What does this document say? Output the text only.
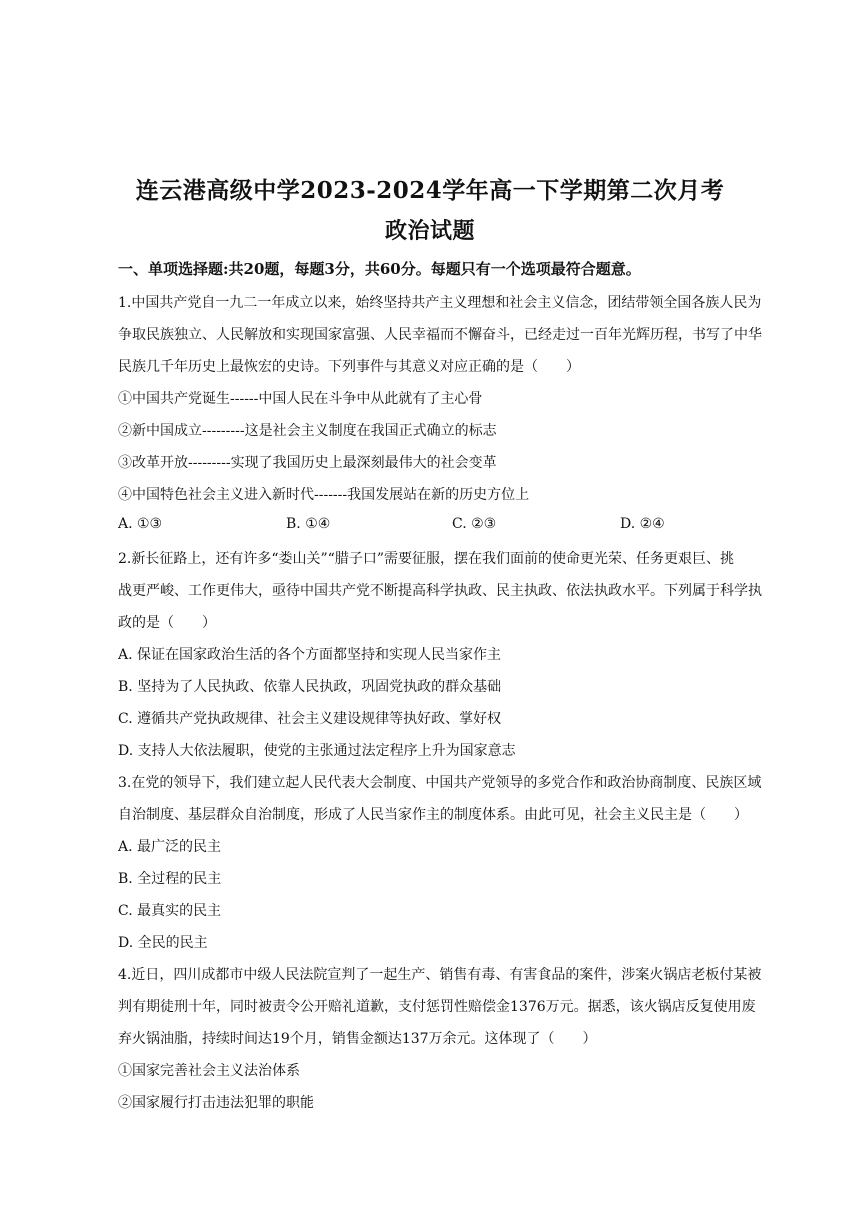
连云港高级中学2023-2024学年高一下学期第二次月考
政治试题
一、单项选择题:共20题，每题3分，共60分。每题只有一个选项最符合题意。
1.中国共产党自一九二一年成立以来，始终坚持共产主义理想和社会主义信念，团结带领全国各族人民为
争取民族独立、人民解放和实现国家富强、人民幸福而不懈奋斗，已经走过一百年光辉历程，书写了中华
民族几千年历史上最恢宏的史诗。下列事件与其意义对应正确的是（　　）
①中国共产党诞生------中国人民在斗争中从此就有了主心骨
②新中国成立---------这是社会主义制度在我国正式确立的标志
③改革开放---------实现了我国历史上最深刻最伟大的社会变革
④中国特色社会主义进入新时代-------我国发展站在新的历史方位上
A. ①③	B. ①④	C. ②③	D. ②④
2.新长征路上，还有许多“娄山关”“腊子口”需要征服，摆在我们面前的使命更光荣、任务更艰巨、挑
战更严峻、工作更伟大，亟待中国共产党不断提高科学执政、民主执政、依法执政水平。下列属于科学执
政的是（　　）
A. 保证在国家政治生活的各个方面都坚持和实现人民当家作主
B. 坚持为了人民执政、依靠人民执政，巩固党执政的群众基础
C. 遵循共产党执政规律、社会主义建设规律等执好政、掌好权
D. 支持人大依法履职，使党的主张通过法定程序上升为国家意志
3.在党的领导下，我们建立起人民代表大会制度、中国共产党领导的多党合作和政治协商制度、民族区域
自治制度、基层群众自治制度，形成了人民当家作主的制度体系。由此可见，社会主义民主是（　　）
A. 最广泛的民主
B. 全过程的民主
C. 最真实的民主
D. 全民的民主
4.近日，四川成都市中级人民法院宣判了一起生产、销售有毒、有害食品的案件，涉案火锅店老板付某被
判有期徒刑十年，同时被责令公开赔礼道歉，支付惩罚性赔偿金1376万元。据悉，该火锅店反复使用废
弃火锅油脂，持续时间达19个月，销售金额达137万余元。这体现了（　　）
①国家完善社会主义法治体系
②国家履行打击违法犯罪的职能
